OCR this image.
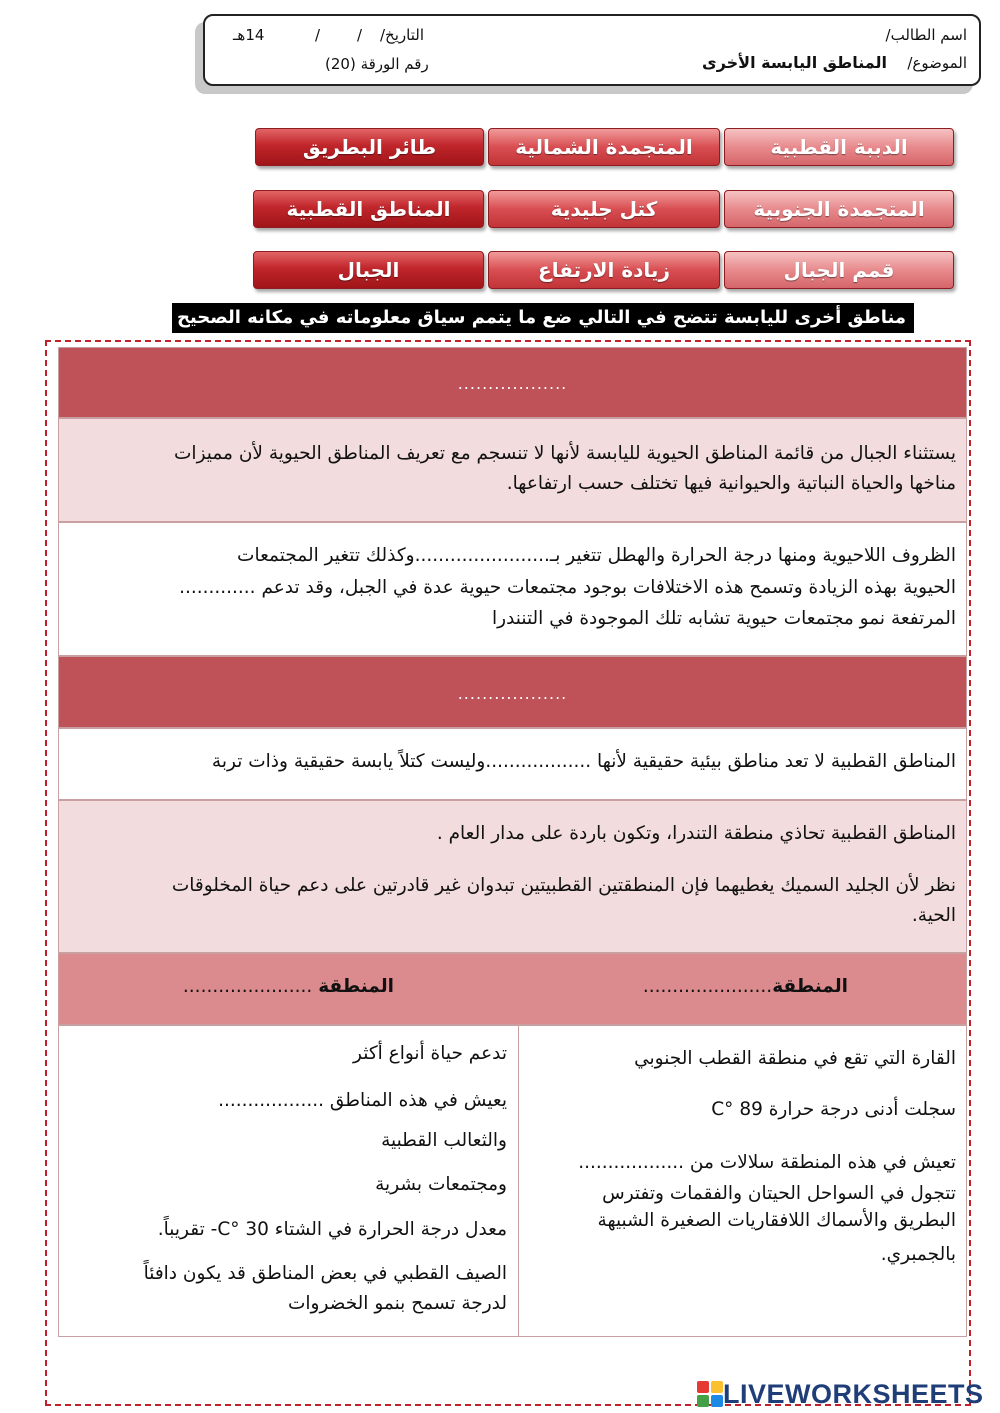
اسم الطالب/
الموضوع/
المناطق اليابسة الأخرى
التاريخ/
/
/
14هـ
رقم الورقة (20)
الدببة القطبية
المتجمدة الشمالية
طائر البطريق
المتجمدة الجنوبية
كتل جليدية
المناطق القطبية
قمم الجبال
زيادة الارتفاع
الجبال
مناطق أخرى لليابسة تتضح في التالي ضع ما يتمم سياق معلوماته في مكانه الصحيح
..................
يستثناء الجبال من قائمة المناطق الحيوية لليابسة لأنها لا تنسجم مع تعريف المناطق الحيوية لأن مميزات
مناخها والحياة النباتية والحيوانية فيها تختلف حسب ارتفاعها.
الظروف اللاحيوية ومنها درجة الحرارة والهطل تتغير بـ.......................وكذلك تتغير المجتمعات
الحيوية بهذه الزيادة وتسمح هذه الاختلافات بوجود مجتمعات حيوية عدة في الجبل، وقد تدعم .............
المرتفعة نمو مجتمعات حيوية تشابه تلك الموجودة في التنندرا
..................
المناطق القطبية لا تعد مناطق بيئية حقيقية لأنها ..................وليست كتلاً يابسة حقيقية وذات تربة
المناطق القطبية تحاذي منطقة التندرا، وتكون باردة على مدار العام .
نظر لأن الجليد السميك يغطيهما فإن المنطقتين القطبيتين تبدوان غير قادرتين على دعم حياة المخلوقات
الحية.
المنطقة......................
المنطقة ......................
القارة التي تقع في منطقة القطب الجنوبي
سجلت أدنى درجة حرارة 89 °C
تعيش في هذه المنطقة سلالات من ..................
تتجول في السواحل الحيتان والفقمات وتفترس
البطريق والأسماك اللافقاريات الصغيرة الشبيهة
بالجمبري.
تدعم حياة أنواع أكثر
يعيش في هذه المناطق ..................
والثعالب القطبية
ومجتمعات بشرية
معدل درجة الحرارة في الشتاء 30 °C- تقريباً.
الصيف القطبي في بعض المناطق قد يكون دافئاً
لدرجة تسمح بنمو الخضروات
LIVEWORKSHEETS
